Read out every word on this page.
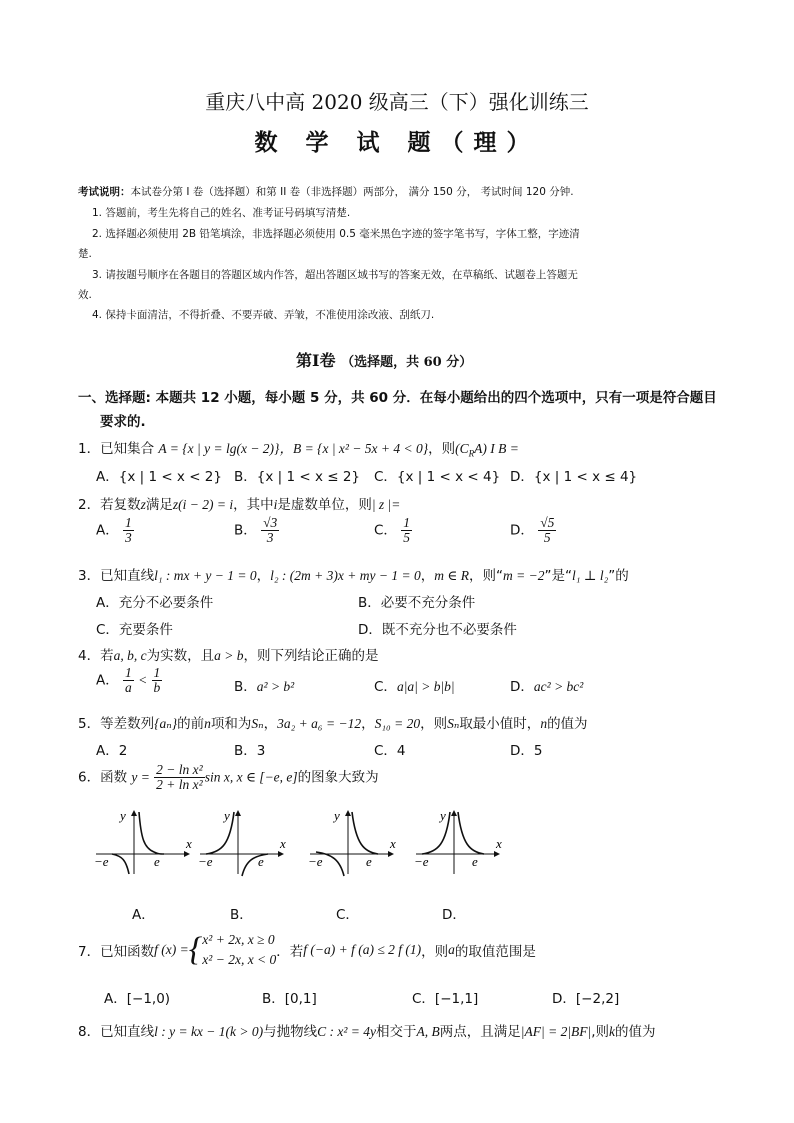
重庆八中高 2020 级高三（下）强化训练三
数 学 试 题（理）
考试说明：本试卷分第 I 卷（选择题）和第 II 卷（非选择题）两部分， 满分 150 分， 考试时间 120 分钟.
1. 答题前，考生先将自己的姓名、准考证号码填写清楚.
2. 选择题必须使用 2B 铅笔填涂，非选择题必须使用 0.5 毫米黑色字迹的签字笔书写，字体工整，字迹清
楚.
3. 请按题号顺序在各题目的答题区域内作答，超出答题区域书写的答案无效，在草稿纸、试题卷上答题无
效.
4. 保持卡面清洁，不得折叠、不要弄破、弄皱，不准使用涂改液、刮纸刀.
第Ⅰ卷 （选择题，共 60 分）
一、选择题: 本题共 12 小题，每小题 5 分，共 60 分．在每小题给出的四个选项中，只有一项是符合题目
要求的.
1．已知集合 A = {x | y = lg(x − 2)}，B = {x | x² − 5x + 4 < 0}，则$(C_RA)$ I B =
A．{x | 1 < x < 2} B．{x | 1 < x ≤ 2} C．{x | 1 < x < 4} D．{x | 1 < x ≤ 4}
2．若复数z满足z(i − 2) = i，其中i是虚数单位，则| z |=
A． $\frac{1}{3}$	B． $\frac{√3}{3}$	C． $\frac{1}{5}$	D． $\frac{√5}{5}$
3．已知直线l₁ : mx + y − 1 = 0，l₂ : (2m + 3)x + my − 1 = 0，m ∈ R，则“m = −2”是“l₁ ⊥ l₂”的
A．充分不必要条件	B．必要不充分条件
C．充要条件	D．既不充分也不必要条件
4．若a, b, c为实数，且a > b，则下列结论正确的是
A． $\frac{1}{a} < \frac{1}{b}$	B．a² > b²	C．a|a| > b|b|	D．ac² > bc²
5．等差数列{aₙ}的前n项和为Sₙ，3a₂ + a₆ = −12，S₁₀ = 20，则Sₙ取最小值时，n的值为
A．2	B．3	C．4	D．5
6．函数 $y = \frac{\text{2 − ln x²}}{\text{2 + ln x²}}$ sin x, x ∈ [−e, e]的图象大致为
y
x
−e	e
y
x
−e	e
y
x
−e	e
y
x
−e	e
A．	B．	C．	D．
7． 已知函数 f (x) = { x² + 2x, x ≥ 0
x² − 2x, x < 0 ．若 f (−a) + f (a) ≤ 2 f (1) ，则 a 的取值范围是
A．[−1,0)	B．[0,1]	C．[−1,1]	D．[−2,2]
8．已知直线l : y = kx − 1(k > 0)与抛物线C : x² = 4y相交于A, B两点，且满足|AF| = 2|BF|,则k的值为
